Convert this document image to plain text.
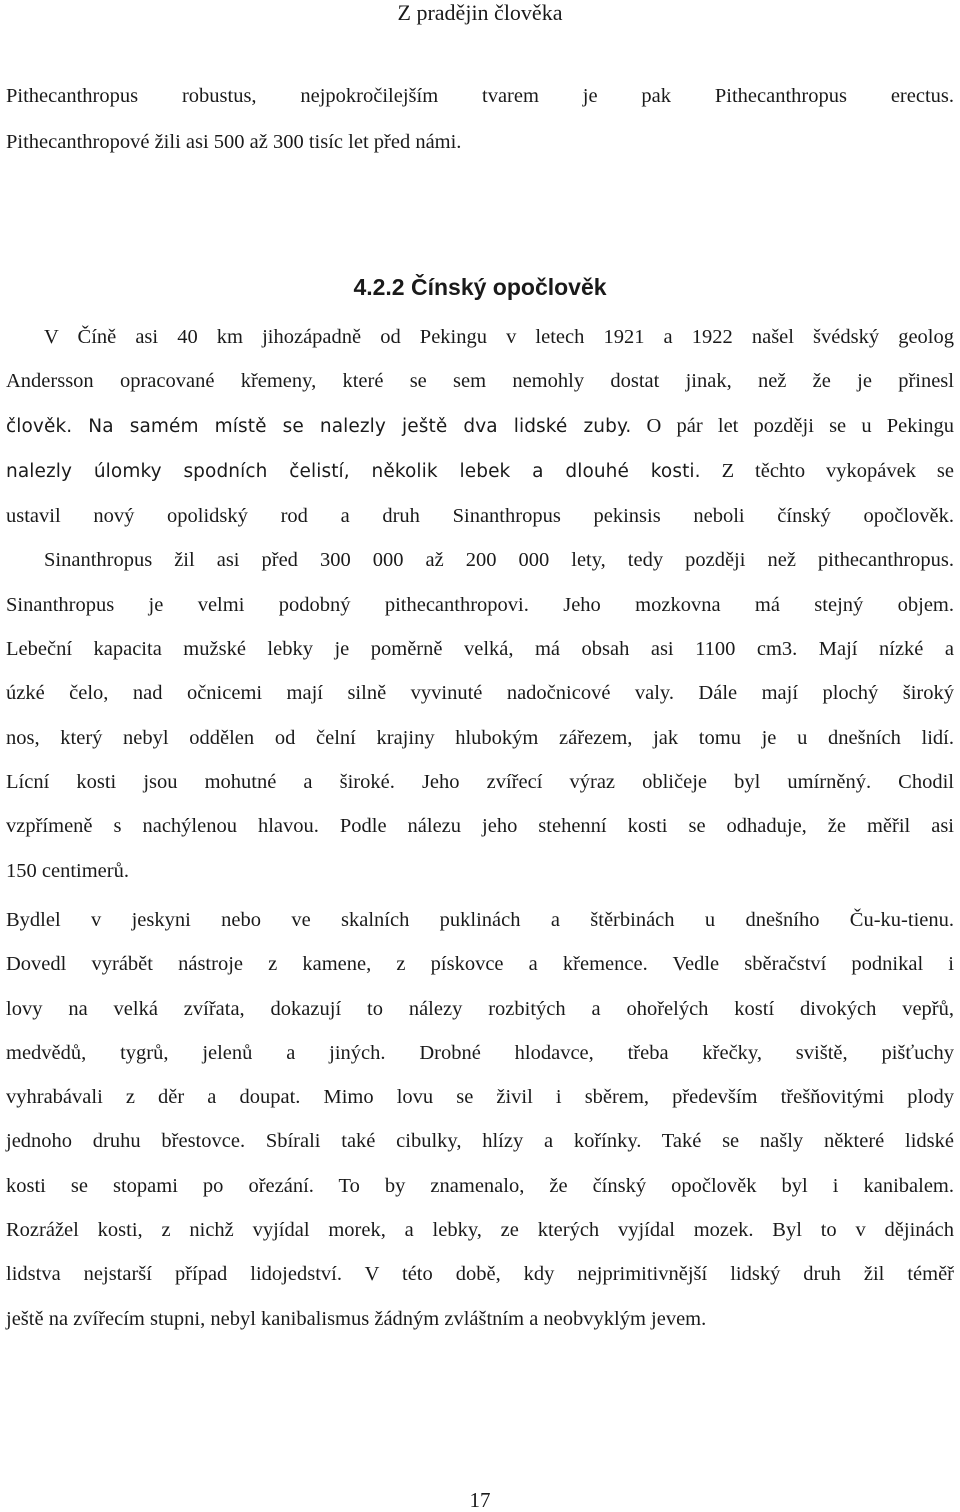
Z pradějin člověka

Pithecanthropus robustus, nejpokročilejším tvarem je pak Pithecanthropus erectus.

Pithecanthropové žili asi 500 až 300 tisíc let před námi.

4.2.2 Čínský opočlověk

V Číně asi 40 km jihozápadně od Pekingu v letech 1921 a 1922 našel švédský geolog

Andersson opracované křemeny, které se sem nemohly dostat jinak, než že je přinesl

člověk. Na samém místě se nalezly ještě dva lidské zuby. O pár let později se u Pekingu

nalezly úlomky spodních čelistí, několik lebek a dlouhé kosti. Z těchto vykopávek se

ustavil nový opolidský rod a druh Sinanthropus pekinsis neboli čínský opočlověk.

Sinanthropus žil asi před 300 000 až 200 000 lety, tedy později než pithecanthropus.

Sinanthropus je velmi podobný pithecanthropovi. Jeho mozkovna má stejný objem.

Lebeční kapacita mužské lebky je poměrně velká, má obsah asi 1100 cm3. Mají nízké a

úzké čelo, nad očnicemi mají silně vyvinuté nadočnicové valy. Dále mají plochý široký

nos, který nebyl oddělen od čelní krajiny hlubokým zářezem, jak tomu je u dnešních lidí.

Lícní kosti jsou mohutné a široké. Jeho zvířecí výraz obličeje byl umírněný. Chodil

vzpřímeně s nachýlenou hlavou. Podle nálezu jeho stehenní kosti se odhaduje, že měřil asi

150 centimerů.

Bydlel v jeskyni nebo ve skalních puklinách a štěrbinách u dnešního Ču-ku-tienu.

Dovedl vyrábět nástroje z kamene, z pískovce a křemence. Vedle sběračství podnikal i

lovy na velká zvířata, dokazují to nálezy rozbitých a ohořelých kostí divokých vepřů,

medvědů, tygrů, jelenů a jiných. Drobné hlodavce, třeba křečky, sviště, pišťuchy

vyhrabávali z děr a doupat. Mimo lovu se živil i sběrem, především třešňovitými plody

jednoho druhu břestovce. Sbírali také cibulky, hlízy a kořínky. Také se našly některé lidské

kosti se stopami po ořezání. To by znamenalo, že čínský opočlověk byl i kanibalem.

Rozrážel kosti, z nichž vyjídal morek, a lebky, ze kterých vyjídal mozek. Byl to v dějinách

lidstva nejstarší případ lidojedství. V této době, kdy nejprimitivnější lidský druh žil téměř

ještě na zvířecím stupni, nebyl kanibalismus žádným zvláštním a neobvyklým jevem.

17
